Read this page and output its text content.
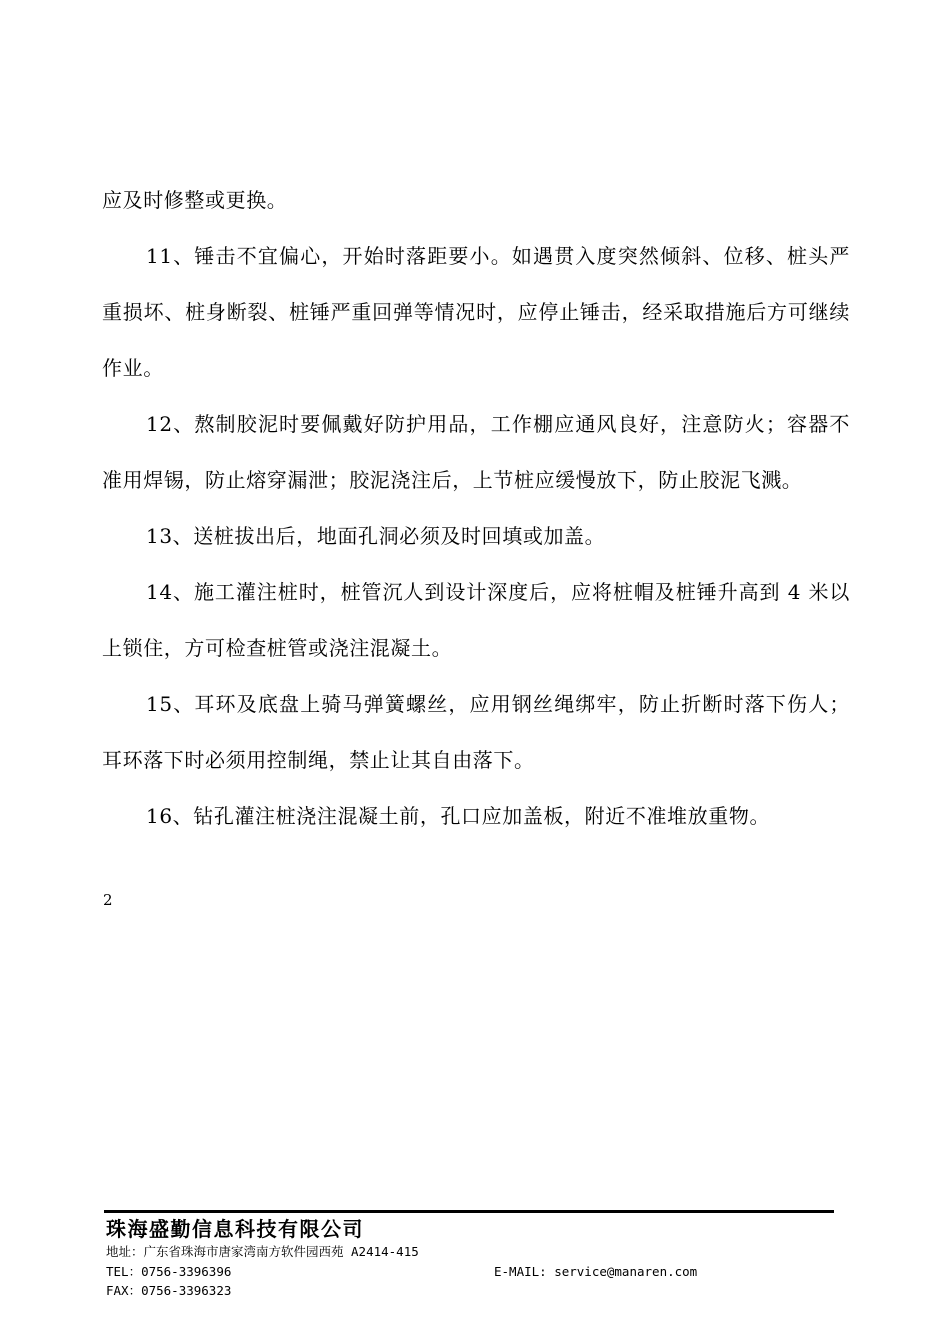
应及时修整或更换。

11、锤击不宜偏心，开始时落距要小。如遇贯入度突然倾斜、位移、桩头严重损坏、桩身断裂、桩锤严重回弹等情况时，应停止锤击，经采取措施后方可继续作业。

12、熬制胶泥时要佩戴好防护用品，工作棚应通风良好，注意防火；容器不准用焊锡，防止熔穿漏泄；胶泥浇注后，上节桩应缓慢放下，防止胶泥飞溅。

13、送桩拔出后，地面孔洞必须及时回填或加盖。

14、施工灌注桩时，桩管沉人到设计深度后，应将桩帽及桩锤升高到 4 米以上锁住，方可检查桩管或浇注混凝土。

15、耳环及底盘上骑马弹簧螺丝，应用钢丝绳绑牢，防止折断时落下伤人；耳环落下时必须用控制绳，禁止让其自由落下。

16、钻孔灌注桩浇注混凝土前，孔口应加盖板，附近不准堆放重物。

2
珠海盛勤信息科技有限公司
地址：广东省珠海市唐家湾南方软件园西苑 A2414-415
TEL：0756-3396396	E-MAIL: service@manaren.com
FAX：0756-3396323
